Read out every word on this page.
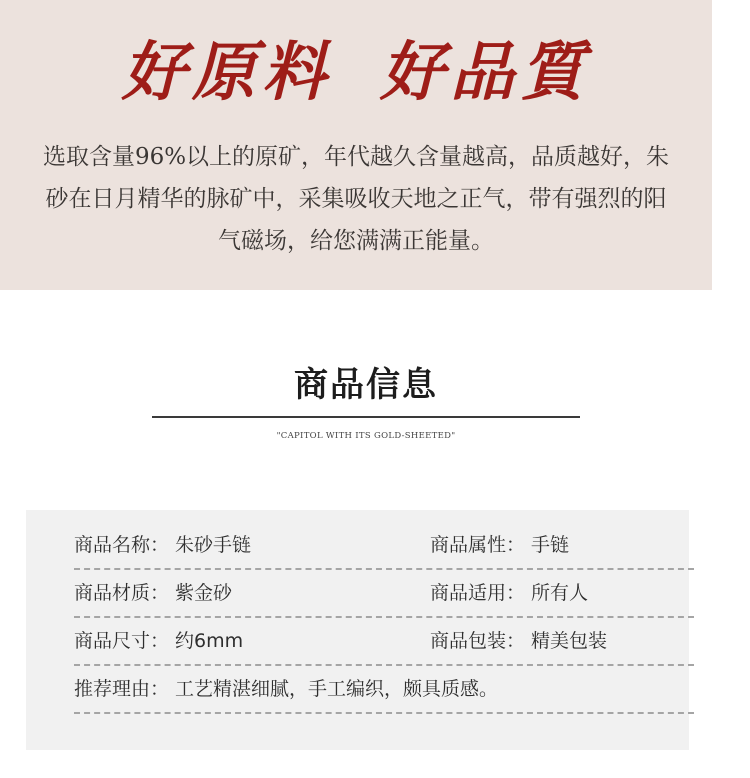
好原料 好品質
选取含量96%以上的原矿，年代越久含量越高，品质越好，朱砂在日月精华的脉矿中，采集吸收天地之正气，带有强烈的阳气磁场，给您满满正能量。
商品信息
"CAPITOL WITH ITS GOLD-SHEETED"
商品名称： 朱砂手链	商品属性： 手链
商品材质： 紫金砂	商品适用： 所有人
商品尺寸： 约6mm	商品包装： 精美包装
推荐理由： 工艺精湛细腻，手工编织，颇具质感。
